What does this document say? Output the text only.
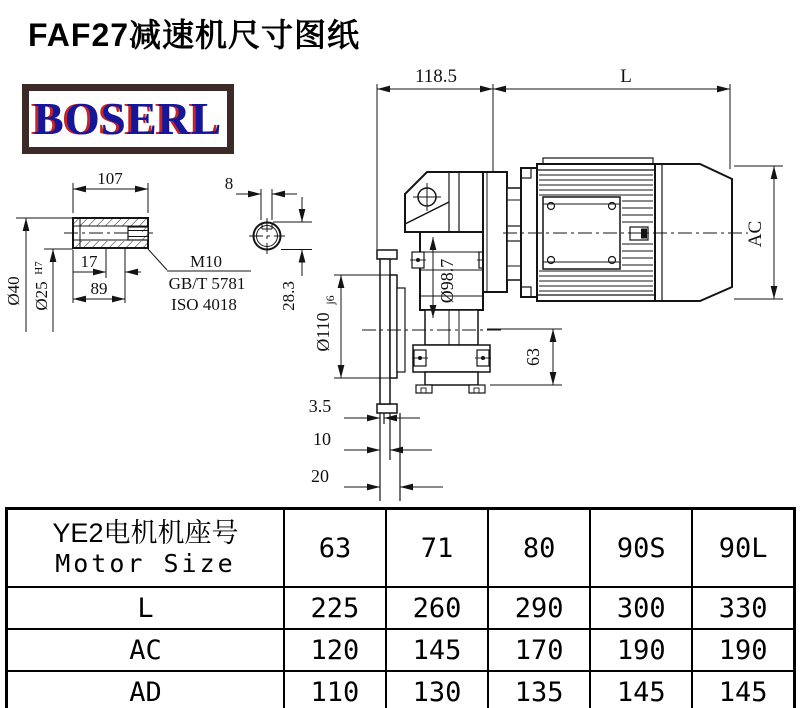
FAF27减速机尺寸图纸
BOSERL
107
17
89
Ø40 Ø25
H7	M10
GB/T 5781
ISO 4018
8
28.3
118.5	L
Ø98.7
AC
Ø110
j6
63
3.5
10
20
YE2电机机座号
Motor Size	63	71	80	90S	90L
L	225	260	290	300	330
AC	120	145	170	190	190
AD	110	130	135	145	145
